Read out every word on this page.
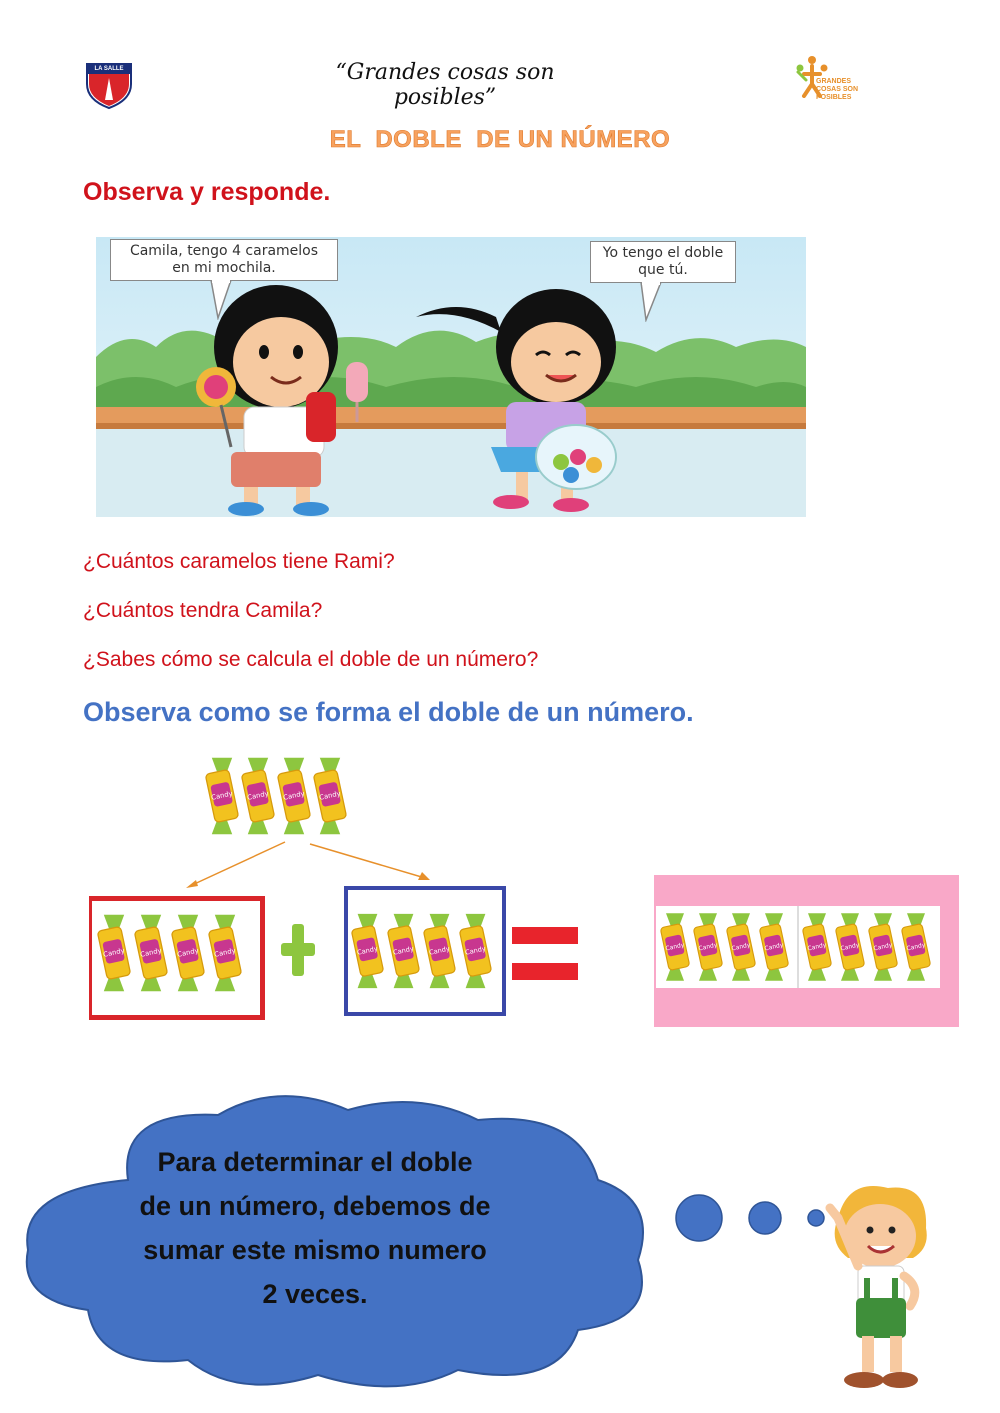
LA SALLE	“Grandes cosas son posibles”
GRANDES COSAS SON POSIBLES
EL  DOBLE  DE UN NÚMERO
Observa y responde.
Camila, tengo 4 caramelos en mi mochila.
Yo tengo el doble que tú.
¿Cuántos caramelos tiene Rami?
¿Cuántos tendra Camila?
¿Sabes cómo se calcula el doble de un número?
Observa como se forma el doble de un número.
Candy Candy Candy Candy
Candy Candy Candy Candy	Candy Candy Candy Candy	Candy Candy Candy Candy	Candy Candy Candy Candy
Para determinar el doble
de un número, debemos de
sumar este mismo numero
2 veces.
